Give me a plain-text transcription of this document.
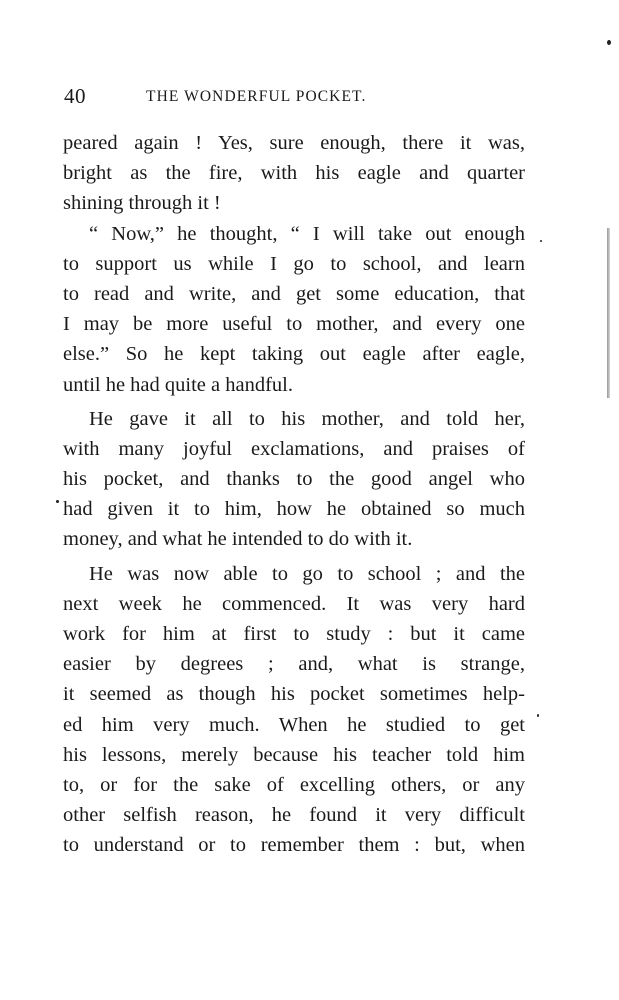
40	THE WONDERFUL POCKET.
peared again ! Yes, sure enough, there it was,
bright as the fire, with his eagle and quarter
shining through it !
“ Now,” he thought, “ I will take out enough
to support us while I go to school, and learn
to read and write, and get some education, that
I may be more useful to mother, and every one
else.” So he kept taking out eagle after eagle,
until he had quite a handful.
He gave it all to his mother, and told her,
with many joyful exclamations, and praises of
his pocket, and thanks to the good angel who
had given it to him, how he obtained so much
money, and what he intended to do with it.
He was now able to go to school ; and the
next week he commenced. It was very hard
work for him at first to study : but it came
easier by degrees ; and, what is strange,
it seemed as though his pocket sometimes help-
ed him very much. When he studied to get
his lessons, merely because his teacher told him
to, or for the sake of excelling others, or any
other selfish reason, he found it very difficult
to understand or to remember them : but, when
